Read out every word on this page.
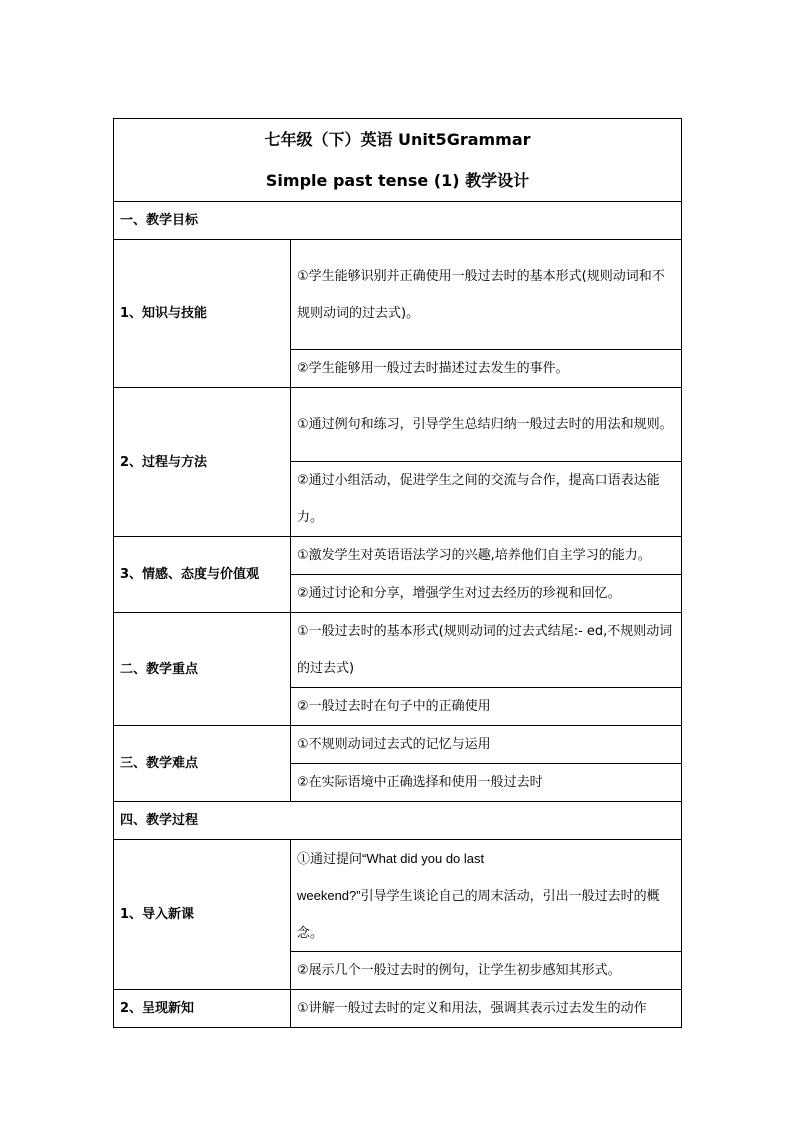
七年级（下）英语 Unit5Grammar
Simple past tense (1) 教学设计	

一、教学目标	
1、知识与技能	①学生能够识别并正确使用一般过去时的基本形式(规则动词和不规则动词的过去式)。
	②学生能够用一般过去时描述过去发生的事件。
2、过程与方法	①通过例句和练习，引导学生总结归纳一般过去时的用法和规则。
	②通过小组活动，促进学生之间的交流与合作，提高口语表达能力。
3、情感、态度与价值观	①激发学生对英语语法学习的兴趣,培养他们自主学习的能力。
	②通过讨论和分享，增强学生对过去经历的珍视和回忆。
二、教学重点	①一般过去时的基本形式(规则动词的过去式结尾:- ed,不规则动词的过去式)
	②一般过去时在句子中的正确使用
三、教学难点	①不规则动词过去式的记忆与运用
	②在实际语境中正确选择和使用一般过去时
四、教学过程	
1、导入新课	①通过提问“What did you do last
weekend?”引导学生谈论自己的周末活动，引出一般过去时的概念。

	②展示几个一般过去时的例句，让学生初步感知其形式。
2、呈现新知	①讲解一般过去时的定义和用法，强调其表示过去发生的动作
